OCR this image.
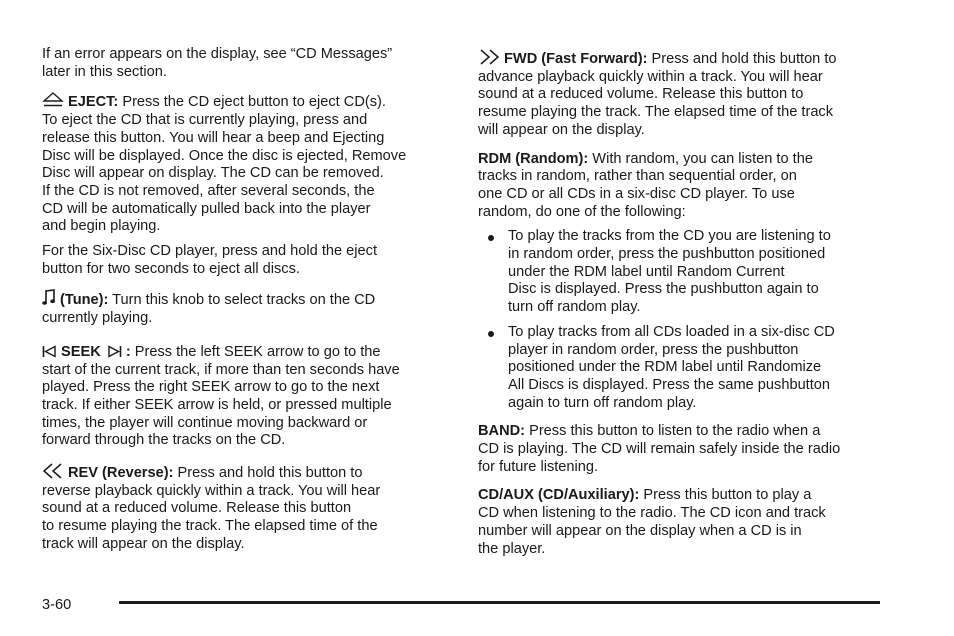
If an error appears on the display, see “CD Messages”
later in this section.

EJECT: Press the CD eject button to eject CD(s).
To eject the CD that is currently playing, press and
release this button. You will hear a beep and Ejecting
Disc will be displayed. Once the disc is ejected, Remove
Disc will appear on display. The CD can be removed.
If the CD is not removed, after several seconds, the
CD will be automatically pulled back into the player
and begin playing.

For the Six-Disc CD player, press and hold the eject
button for two seconds to eject all discs.

(Tune): Turn this knob to select tracks on the CD
currently playing.

SEEK : Press the left SEEK arrow to go to the
start of the current track, if more than ten seconds have
played. Press the right SEEK arrow to go to the next
track. If either SEEK arrow is held, or pressed multiple
times, the player will continue moving backward or
forward through the tracks on the CD.

REV (Reverse): Press and hold this button to
reverse playback quickly within a track. You will hear
sound at a reduced volume. Release this button
to resume playing the track. The elapsed time of the
track will appear on the display.

FWD (Fast Forward): Press and hold this button to
advance playback quickly within a track. You will hear
sound at a reduced volume. Release this button to
resume playing the track. The elapsed time of the track
will appear on the display.

RDM (Random): With random, you can listen to the
tracks in random, rather than sequential order, on
one CD or all CDs in a six-disc CD player. To use
random, do one of the following:

To play the tracks from the CD you are listening to
in random order, press the pushbutton positioned
under the RDM label until Random Current
Disc is displayed. Press the pushbutton again to
turn off random play.
To play tracks from all CDs loaded in a six-disc CD
player in random order, press the pushbutton
positioned under the RDM label until Randomize
All Discs is displayed. Press the same pushbutton
again to turn off random play.

BAND: Press this button to listen to the radio when a
CD is playing. The CD will remain safely inside the radio
for future listening.

CD/AUX (CD/Auxiliary): Press this button to play a
CD when listening to the radio. The CD icon and track
number will appear on the display when a CD is in
the player.

3-60
